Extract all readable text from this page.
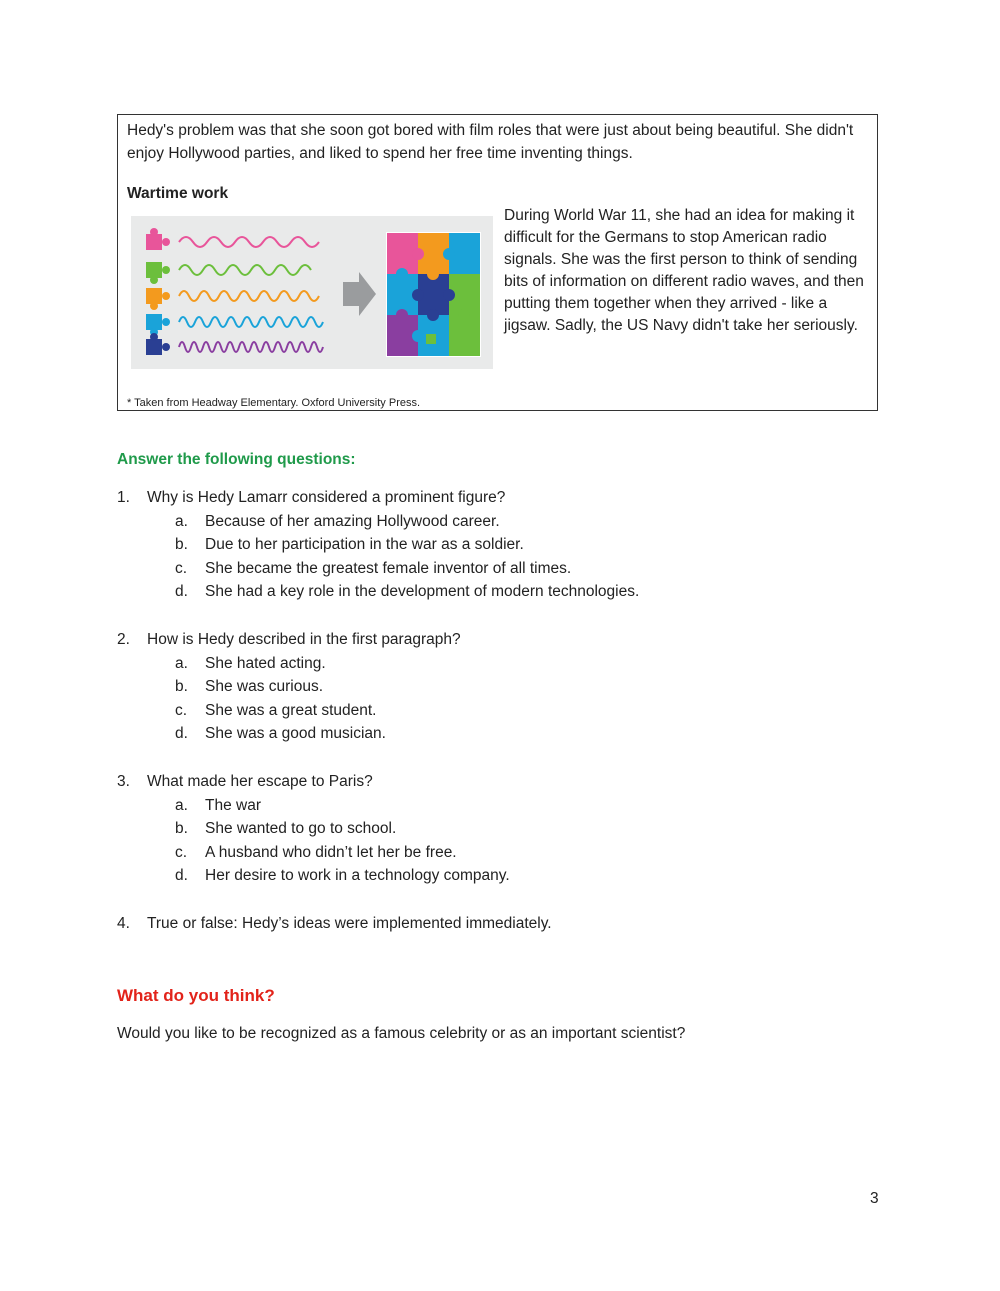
Hedy's problem was that she soon got bored with film roles that were just about being beautiful. She didn't enjoy Hollywood parties, and liked to spend her free time inventing things.

Wartime work

During World War 11, she had an idea for making it difficult for the Germans to stop American radio signals. She was the first person to think of sending bits of information on different radio waves, and then putting them together when they arrived - like a jigsaw. Sadly, the US Navy didn't take her seriously.

* Taken from Headway Elementary. Oxford University Press.

Answer the following questions:

1. Why is Hedy Lamarr considered a prominent figure?
a. Because of her amazing Hollywood career.
b. Due to her participation in the war as a soldier.
c. She became the greatest female inventor of all times.
d. She had a key role in the development of modern technologies.
2. How is Hedy described in the first paragraph?
a. She hated acting.
b. She was curious.
c. She was a great student.
d. She was a good musician.
3. What made her escape to Paris?
a. The war
b. She wanted to go to school.
c. A husband who didn’t let her be free.
d. Her desire to work in a technology company.
4. True or false: Hedy’s ideas were implemented immediately.

What do you think?

Would you like to be recognized as a famous celebrity or as an important scientist?

3
